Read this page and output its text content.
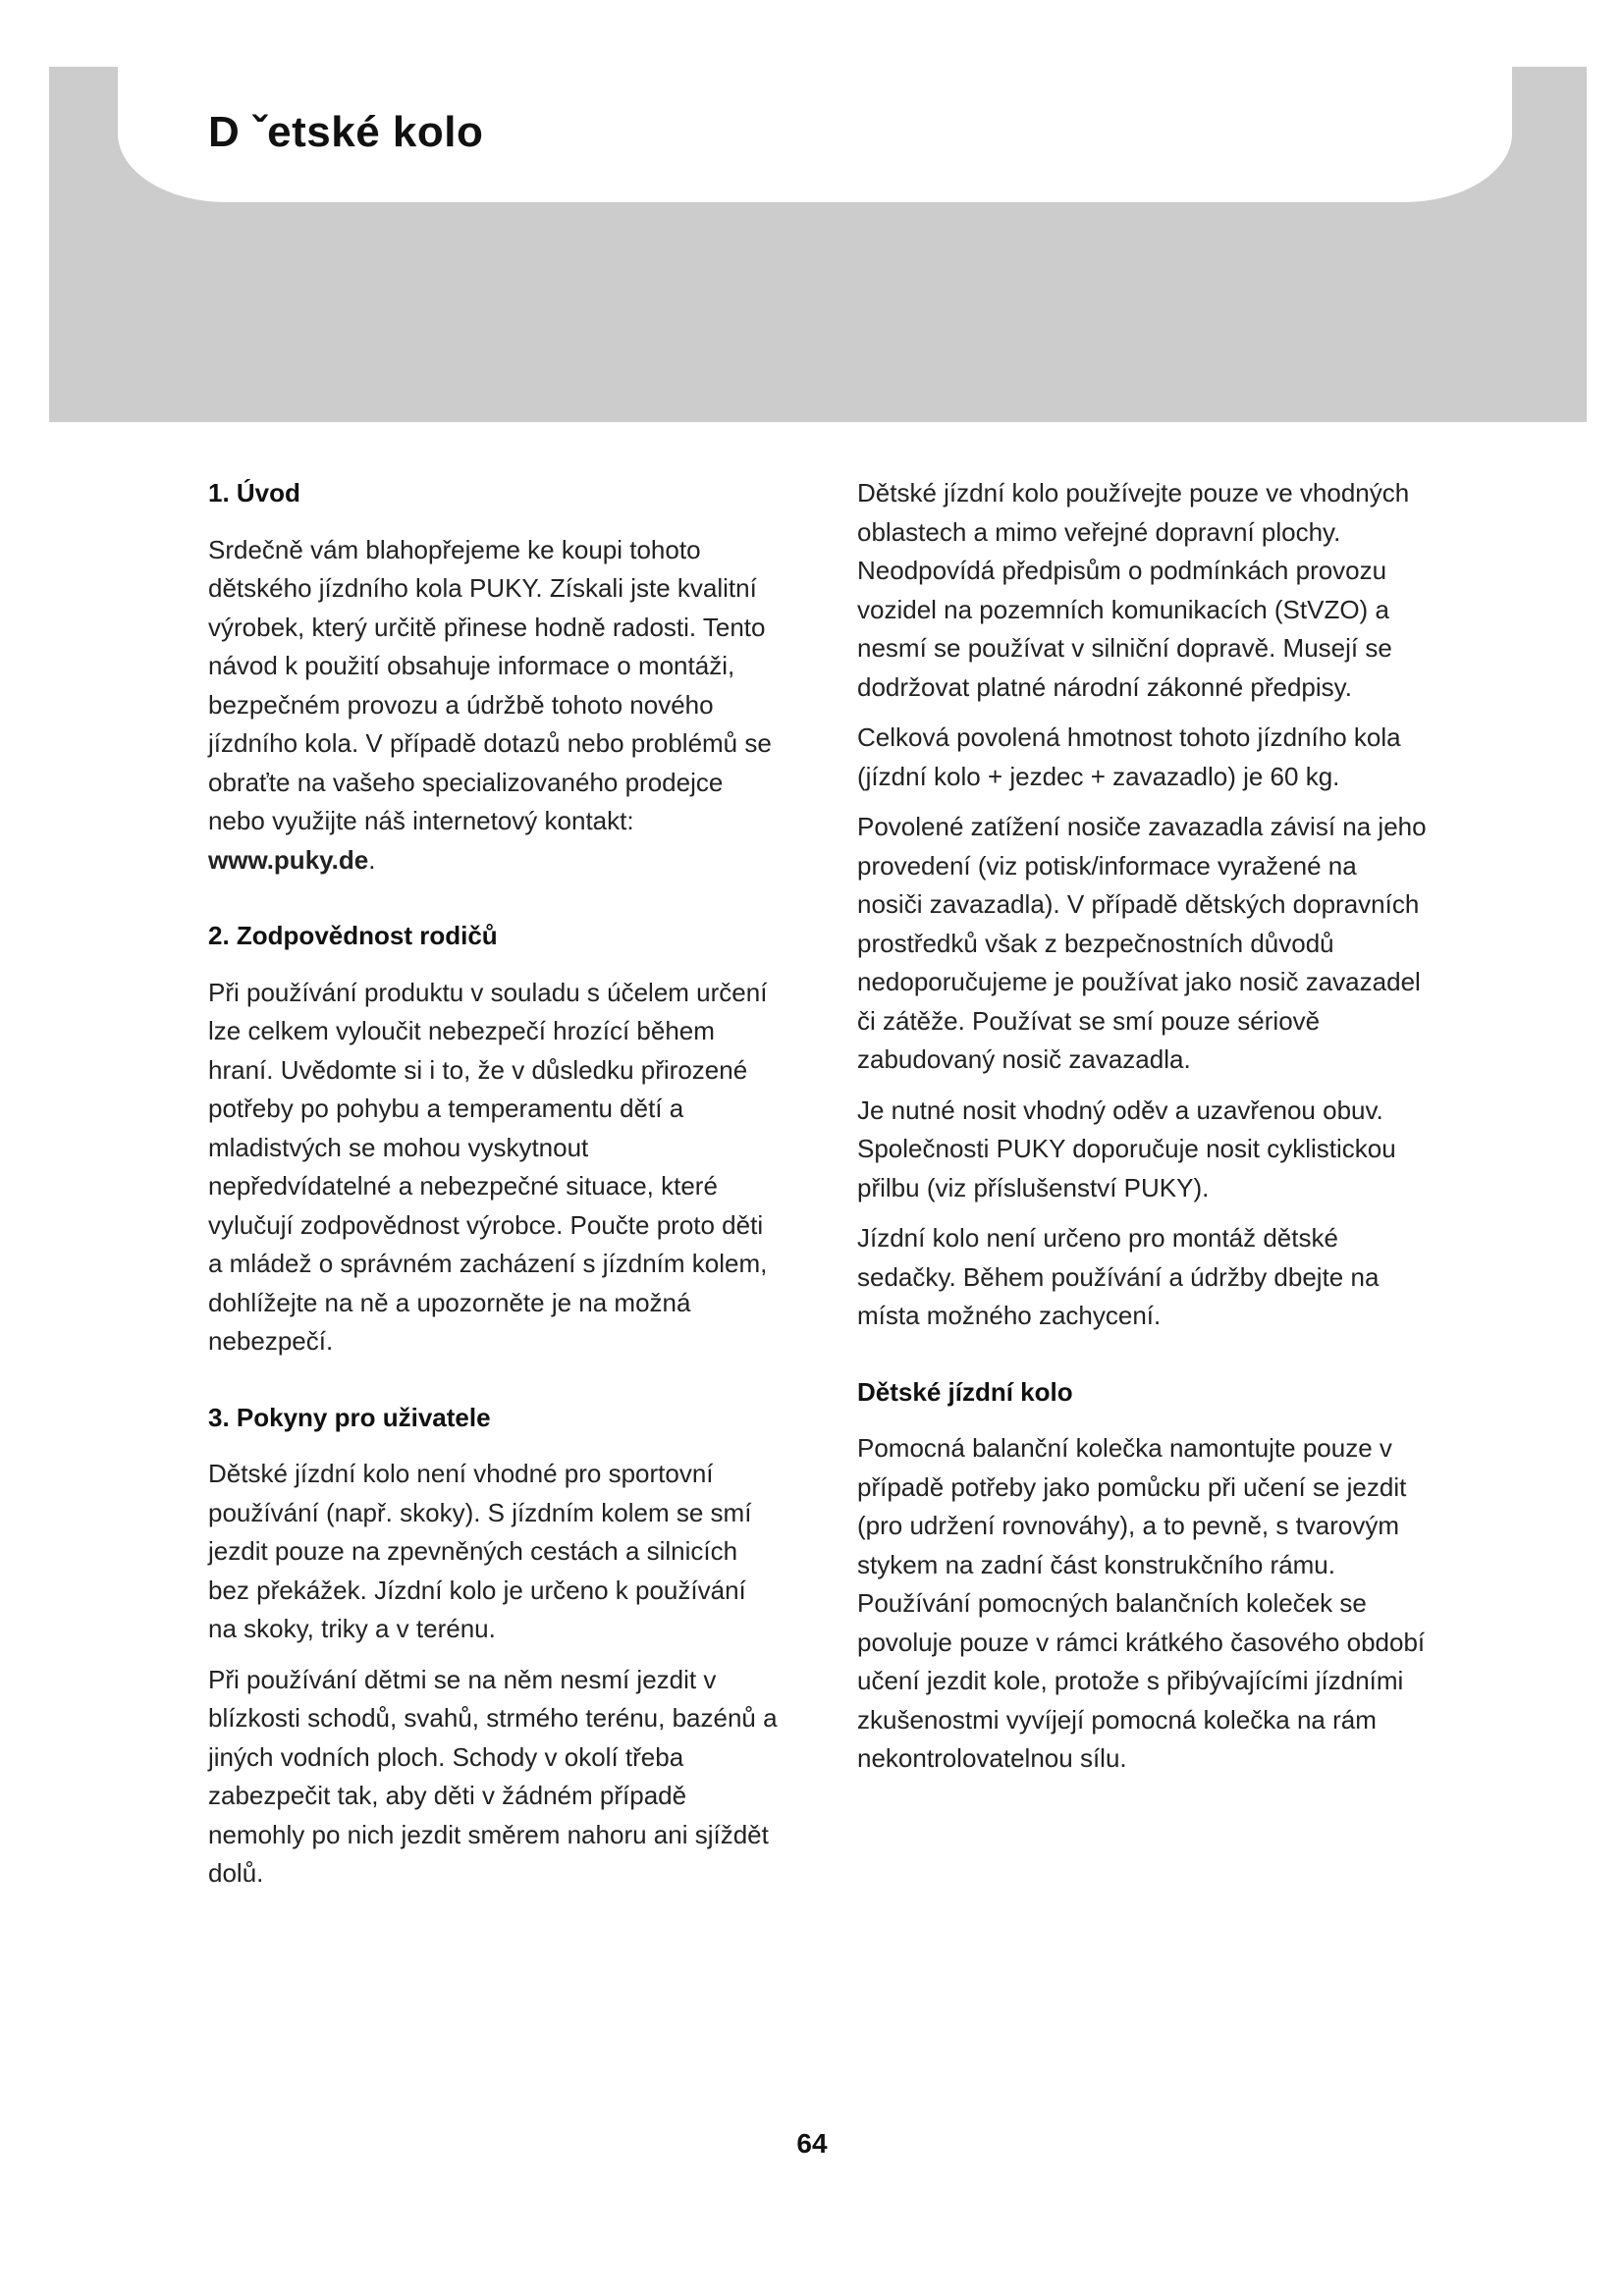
D ˇetské kolo
1. Úvod

Srdečně vám blahopřejeme ke koupi tohoto dětského jízdního kola PUKY. Získali jste kvalitní výrobek, který určitě přinese hodně radosti. Tento návod k použití obsahuje informace o montáži, bezpečném provozu a údržbě tohoto nového jízdního kola. V případě dotazů nebo problémů se obraťte na vašeho specializovaného prodejce nebo využijte náš internetový kontakt: www.puky.de.

2. Zodpovědnost rodičů

Při používání produktu v souladu s účelem určení lze celkem vyloučit nebezpečí hrozící během hraní. Uvědomte si i to, že v důsledku přirozené potřeby po pohybu a temperamentu dětí a mladistvých se mohou vyskytnout nepředvídatelné a nebezpečné situace, které vylučují zodpovědnost výrobce. Poučte proto děti a mládež o správném zacházení s jízdním kolem, dohlížejte na ně a upozorněte je na možná nebezpečí.

3. Pokyny pro uživatele

Dětské jízdní kolo není vhodné pro sportovní používání (např. skoky). S jízdním kolem se smí jezdit pouze na zpevněných cestách a silnicích bez překážek. Jízdní kolo je určeno k používání na skoky, triky a v terénu.

Při používání dětmi se na něm nesmí jezdit v blízkosti schodů, svahů, strmého terénu, bazénů a jiných vodních ploch. Schody v okolí třeba zabezpečit tak, aby děti v žádném případě nemohly po nich jezdit směrem nahoru ani sjíždět dolů.

Dětské jízdní kolo používejte pouze ve vhodných oblastech a mimo veřejné dopravní plochy. Neodpovídá předpisům o podmínkách provozu vozidel na pozemních komunikacích (StVZO) a nesmí se používat v silniční dopravě. Musejí se dodržovat platné národní zákonné předpisy.

Celková povolená hmotnost tohoto jízdního kola (jízdní kolo + jezdec + zavazadlo) je 60 kg.

Povolené zatížení nosiče zavazadla závisí na jeho provedení (viz potisk/informace vyražené na nosiči zavazadla). V případě dětských dopravních prostředků však z bezpečnostních důvodů nedoporučujeme je používat jako nosič zavazadel či zátěže. Používat se smí pouze sériově zabudovaný nosič zavazadla.

Je nutné nosit vhodný oděv a uzavřenou obuv. Společnosti PUKY doporučuje nosit cyklistickou přilbu (viz příslušenství PUKY).

Jízdní kolo není určeno pro montáž dětské sedačky. Během používání a údržby dbejte na místa možného zachycení.

Dětské jízdní kolo

Pomocná balanční kolečka namontujte pouze v případě potřeby jako pomůcku při učení se jezdit (pro udržení rovnováhy), a to pevně, s tvarovým stykem na zadní část konstrukčního rámu. Používání pomocných balančních koleček se povoluje pouze v rámci krátkého časového období učení jezdit kole, protože s přibývajícími jízdními zkušenostmi vyvíjejí pomocná kolečka na rám nekontrolovatelnou sílu.

64
